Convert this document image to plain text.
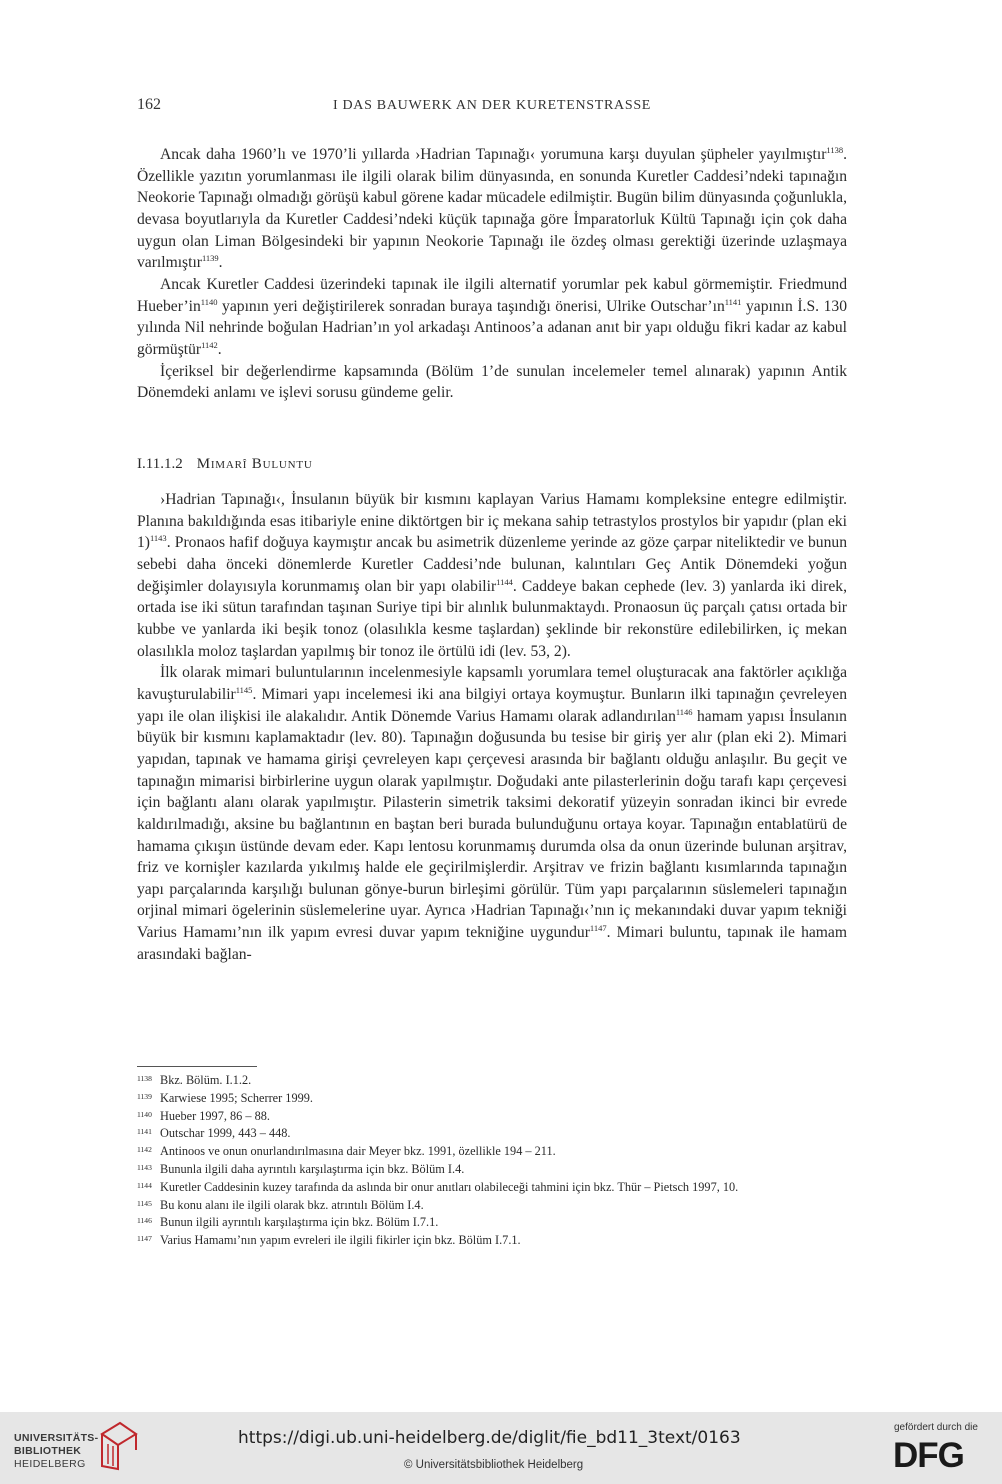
162	I DAS BAUWERK AN DER KURETENSTRASSE

Ancak daha 1960’lı ve 1970’li yıllarda ›Hadrian Tapınağı‹ yorumuna karşı duyulan şüpheler yayılmıştır$^{1138}$. Özellikle yazıtın yorumlanması ile ilgili olarak bilim dünyasında, en sonunda Kuretler Caddesi’ndeki tapınağın Neokorie Tapınağı olmadığı görüşü kabul görene kadar mücadele edilmiştir. Bugün bilim dünyasında çoğunlukla, devasa boyutlarıyla da Kuretler Caddesi’ndeki küçük tapınağa göre İmparatorluk Kültü Tapınağı için çok daha uygun olan Liman Bölgesindeki bir yapının Neokorie Tapınağı ile özdeş olması gerektiği üzerinde uzlaşmaya varılmıştır$^{1139}$.

Ancak Kuretler Caddesi üzerindeki tapınak ile ilgili alternatif yorumlar pek kabul görmemiştir. Friedmund $Hueber’in^{1140}$ yapının yeri değiştirilerek sonradan buraya taşındığı önerisi, Ulrike $Outschar’ın^{1141}$ yapının İ.S. 130 yılında Nil nehrinde boğulan Hadrian’ın yol arkadaşı Antinoos’a adanan anıt bir yapı olduğu fikri kadar az kabul görmüştür$^{1142}$.

İçeriksel bir değerlendirme kapsamında (Bölüm 1’de sunulan incelemeler temel alınarak) yapının Antik Dönemdeki anlamı ve işlevi sorusu gündeme gelir.

I.11.1.2 Mimarî Buluntu

›Hadrian Tapınağı‹, İnsulanın büyük bir kısmını kaplayan Varius Hamamı kompleksine entegre edilmiştir. Planına bakıldığında esas itibariyle enine diktörtgen bir iç mekana sahip tetrastylos prostylos bir yapıdır (plan eki 1)$^{1143}$. Pronaos hafif doğuya kaymıştır ancak bu asimetrik düzenleme yerinde az göze çarpar niteliktedir ve bunun sebebi daha önceki dönemlerde Kuretler Caddesi’nde bulunan, kalıntıları Geç Antik Dönemdeki yoğun değişimler dolayısıyla korunmamış olan bir yapı olabilir$^{1144}$. Caddeye bakan cephede (lev. 3) yanlarda iki direk, ortada ise iki sütun tarafından taşınan Suriye tipi bir alınlık bulunmaktaydı. Pronaosun üç parçalı çatısı ortada bir kubbe ve yanlarda iki beşik tonoz (olasılıkla kesme taşlardan) şeklinde bir rekonstüre edilebilirken, iç mekan olasılıkla moloz taşlardan yapılmış bir tonoz ile örtülü idi (lev. 53, 2).

İlk olarak mimari buluntularının incelenmesiyle kapsamlı yorumlara temel oluşturacak ana faktörler açıklığa kavuşturulabilir$^{1145}$. Mimari yapı incelemesi iki ana bilgiyi ortaya koymuştur. Bunların ilki tapınağın çevreleyen yapı ile olan ilişkisi ile alakalıdır. Antik Dönemde Varius Hamamı olarak adlandırılan$^{1146}$ hamam yapısı İnsulanın büyük bir kısmını kaplamaktadır (lev. 80). Tapınağın doğusunda bu tesise bir giriş yer alır (plan eki 2). Mimari yapıdan, tapınak ve hamama girişi çevreleyen kapı çerçevesi arasında bir bağlantı olduğu anlaşılır. Bu geçit ve tapınağın mimarisi birbirlerine uygun olarak yapılmıştır. Doğudaki ante pilasterlerinin doğu tarafı kapı çerçevesi için bağlantı alanı olarak yapılmıştır. Pilasterin simetrik taksimi dekoratif yüzeyin sonradan ikinci bir evrede kaldırılmadığı, aksine bu bağlantının en baştan beri burada bulunduğunu ortaya koyar. Tapınağın entablatürü de hamama çıkışın üstünde devam eder. Kapı lentosu korunmamış durumda olsa da onun üzerinde bulunan arşitrav, friz ve kornişler kazılarda yıkılmış halde ele geçirilmişlerdir. Arşitrav ve frizin bağlantı kısımlarında tapınağın yapı parçalarında karşılığı bulunan gönye-burun birleşimi görülür. Tüm yapı parçalarının süslemeleri tapınağın orjinal mimari ögelerinin süslemelerine uyar. Ayrıca ›Hadrian Tapınağı‹’nın iç mekanındaki duvar yapım tekniği Varius Hamamı’nın ilk yapım evresi duvar yapım tekniğine uygundur$^{1147}$. Mimari buluntu, tapınak ile hamam arasındaki bağlan-

1138 Bkz. Bölüm. I.1.2.
1139 Karwiese 1995; Scherrer 1999.
1140 Hueber 1997, 86 – 88.
1141 Outschar 1999, 443 – 448.
1142 Antinoos ve onun onurlandırılmasına dair Meyer bkz. 1991, özellikle 194 – 211.
1143 Bununla ilgili daha ayrıntılı karşılaştırma için bkz. Bölüm I.4.
1144 Kuretler Caddesinin kuzey tarafında da aslında bir onur anıtları olabileceği tahmini için bkz. Thür – Pietsch 1997, 10.
1145 Bu konu alanı ile ilgili olarak bkz. atrıntılı Bölüm I.4.
1146 Bunun ilgili ayrıntılı karşılaştırma için bkz. Bölüm I.7.1.
1147 Varius Hamamı’nın yapım evreleri ile ilgili fikirler için bkz. Bölüm I.7.1.
UNIVERSITÄTS-
BIBLIOTHEK
HEIDELBERG
https://digi.ub.uni-heidelberg.de/diglit/fie_bd11_3text/0163
© Universitätsbibliothek Heidelberg
gefördert durch die
DFG
